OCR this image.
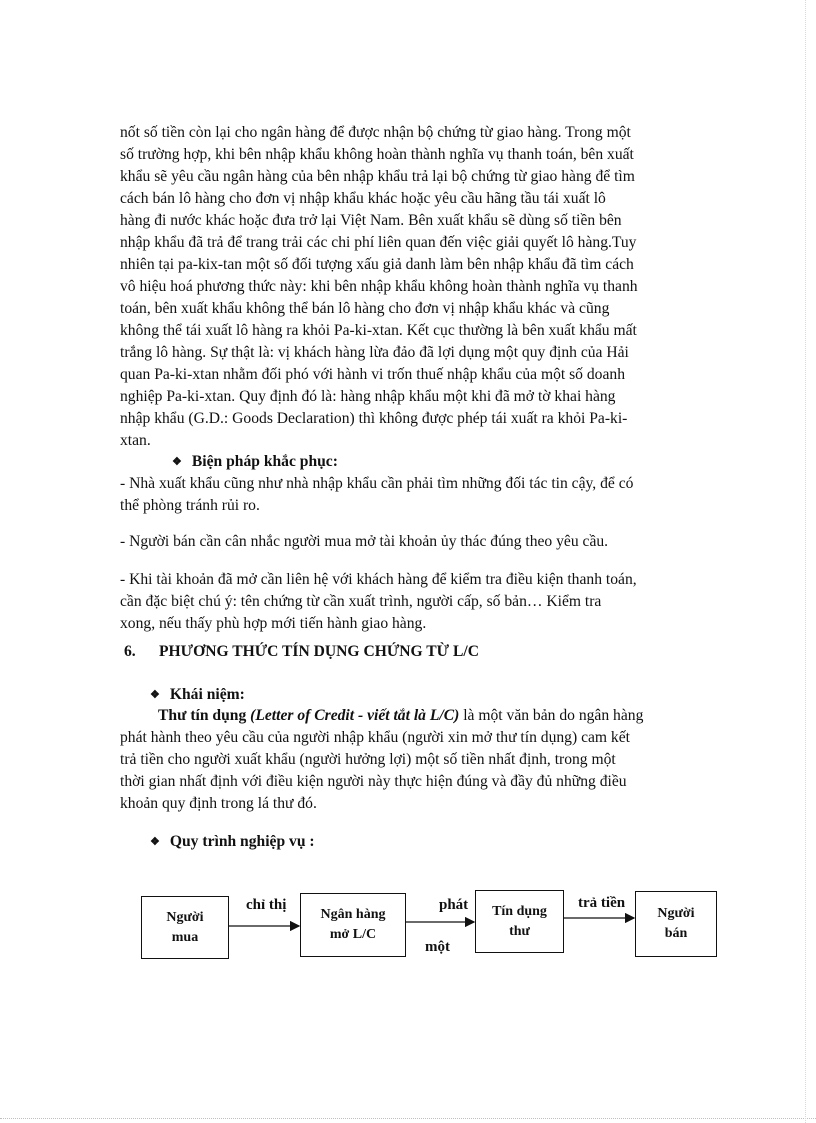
nốt số tiền còn lại cho ngân hàng để được nhận bộ chứng từ giao hàng. Trong một

số trường hợp, khi bên nhập khẩu không hoàn thành nghĩa vụ thanh toán, bên xuất

khẩu sẽ yêu cầu ngân hàng của bên nhập khẩu trả lại bộ chứng từ giao hàng để tìm

cách bán lô hàng cho đơn vị nhập khẩu khác hoặc yêu cầu hãng tầu tái xuất lô

hàng đi nước khác hoặc đưa trở lại Việt Nam. Bên xuất khẩu sẽ dùng số tiền bên

nhập khẩu đã trả để trang trải các chi phí liên quan đến việc giải quyết lô hàng.Tuy

nhiên tại pa-kix-tan một số đối tượng xấu giả danh làm bên nhập khẩu đã tìm cách

vô hiệu hoá phương thức này: khi bên nhập khẩu không hoàn thành nghĩa vụ thanh

toán, bên xuất khẩu không thể bán lô hàng cho đơn vị nhập khẩu khác và cũng

không thể tái xuất lô hàng ra khỏi Pa-ki-xtan. Kết cục thường là bên xuất khẩu mất

trắng lô hàng. Sự thật là: vị khách hàng lừa đảo đã lợi dụng một quy định của Hải

quan Pa-ki-xtan nhằm đối phó với hành vi trốn thuế nhập khẩu của một số doanh

nghiệp Pa-ki-xtan. Quy định đó là: hàng nhập khẩu một khi đã mở tờ khai hàng

nhập khẩu (G.D.: Goods Declaration) thì không được phép tái xuất ra khỏi Pa-ki-

xtan.

❖ Biện pháp khắc phục:

- Nhà xuất khẩu cũng như nhà nhập khẩu cần phải tìm những đối tác tin cậy, để có

thể phòng tránh rủi ro.

- Người bán cần cân nhắc người mua mở tài khoản ủy thác đúng theo yêu cầu.

- Khi tài khoản đã mở cần liên hệ với khách hàng để kiểm tra điều kiện thanh toán,

cần đặc biệt chú ý: tên chứng từ cần xuất trình, người cấp, số bản… Kiểm tra

xong, nếu thấy phù hợp mới tiến hành giao hàng.

6. PHƯƠNG THỨC TÍN DỤNG CHỨNG TỪ L/C

❖ Khái niệm:

Thư tín dụng (Letter of Credit - viết tắt là L/C) là một văn bản do ngân hàng

phát hành theo yêu cầu của người nhập khẩu (người xin mở thư tín dụng) cam kết

trả tiền cho người xuất khẩu (người hưởng lợi) một số tiền nhất định, trong một

thời gian nhất định với điều kiện người này thực hiện đúng và đầy đủ những điều

khoản quy định trong lá thư đó.

❖ Quy trình nghiệp vụ :

Người
mua
Ngân hàng
mở L/C
Tín dụng
thư
Người
bán
chỉ thị	phát
một
trả tiền
